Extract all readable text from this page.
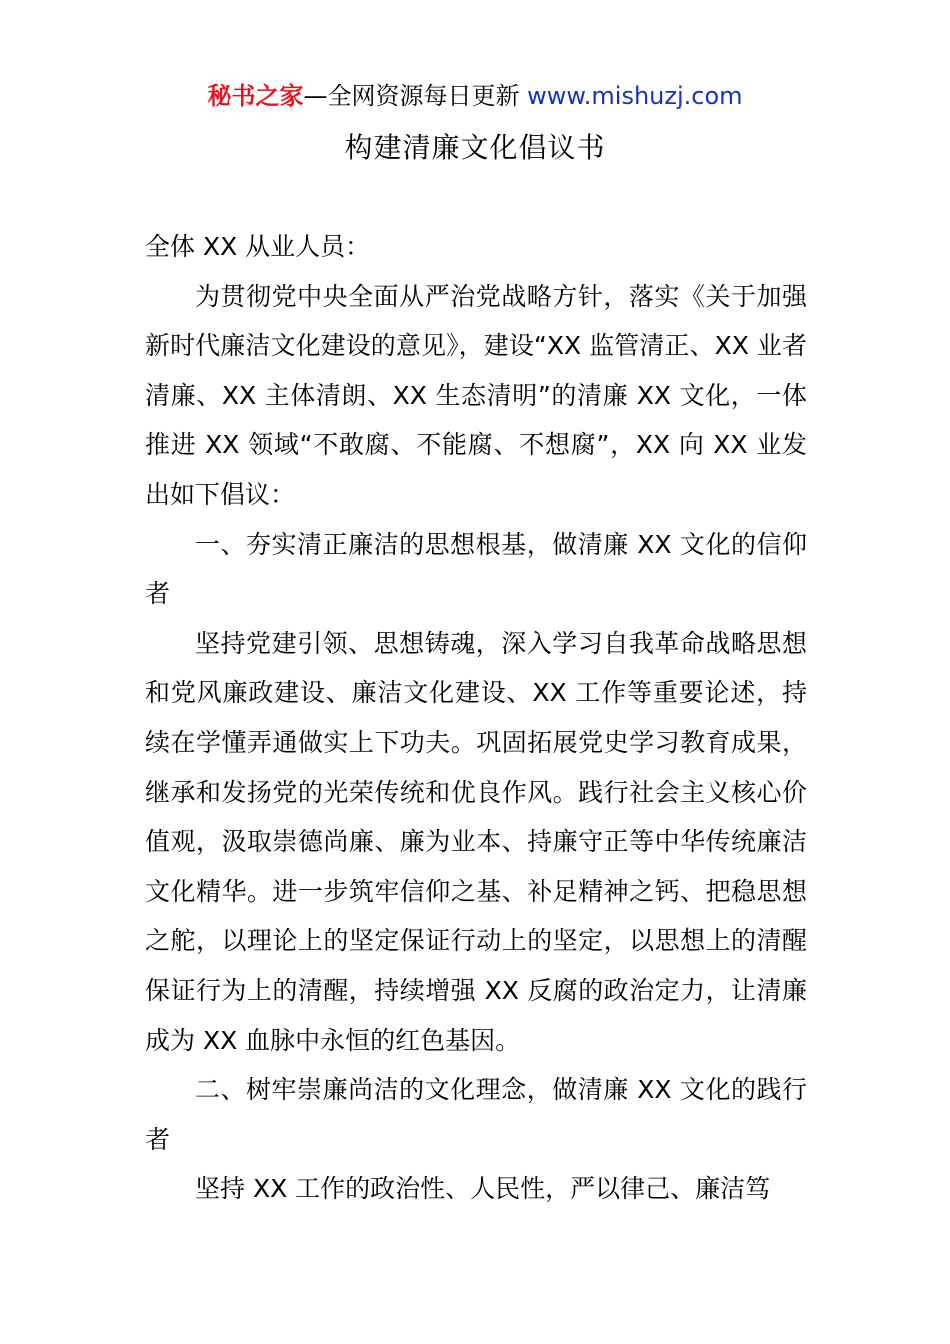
秘书之家—全网资源每日更新 www.mishuzj.com
构建清廉文化倡议书

全体 XX 从业人员：

为贯彻党中央全面从严治党战略方针，落实《关于加强新时代廉洁文化建设的意见》，建设“XX 监管清正、XX 业者清廉、XX 主体清朗、XX 生态清明”的清廉 XX 文化，一体推进 XX 领域“不敢腐、不能腐、不想腐”，XX 向 XX 业发出如下倡议：

一、夯实清正廉洁的思想根基，做清廉 XX 文化的信仰者

坚持党建引领、思想铸魂，深入学习自我革命战略思想和党风廉政建设、廉洁文化建设、XX 工作等重要论述，持续在学懂弄通做实上下功夫。巩固拓展党史学习教育成果，继承和发扬党的光荣传统和优良作风。践行社会主义核心价值观，汲取崇德尚廉、廉为业本、持廉守正等中华传统廉洁文化精华。进一步筑牢信仰之基、补足精神之钙、把稳思想之舵，以理论上的坚定保证行动上的坚定，以思想上的清醒保证行为上的清醒，持续增强 XX 反腐的政治定力，让清廉成为 XX 血脉中永恒的红色基因。

二、树牢崇廉尚洁的文化理念，做清廉 XX 文化的践行者

坚持 XX 工作的政治性、人民性，严以律己、廉洁笃
